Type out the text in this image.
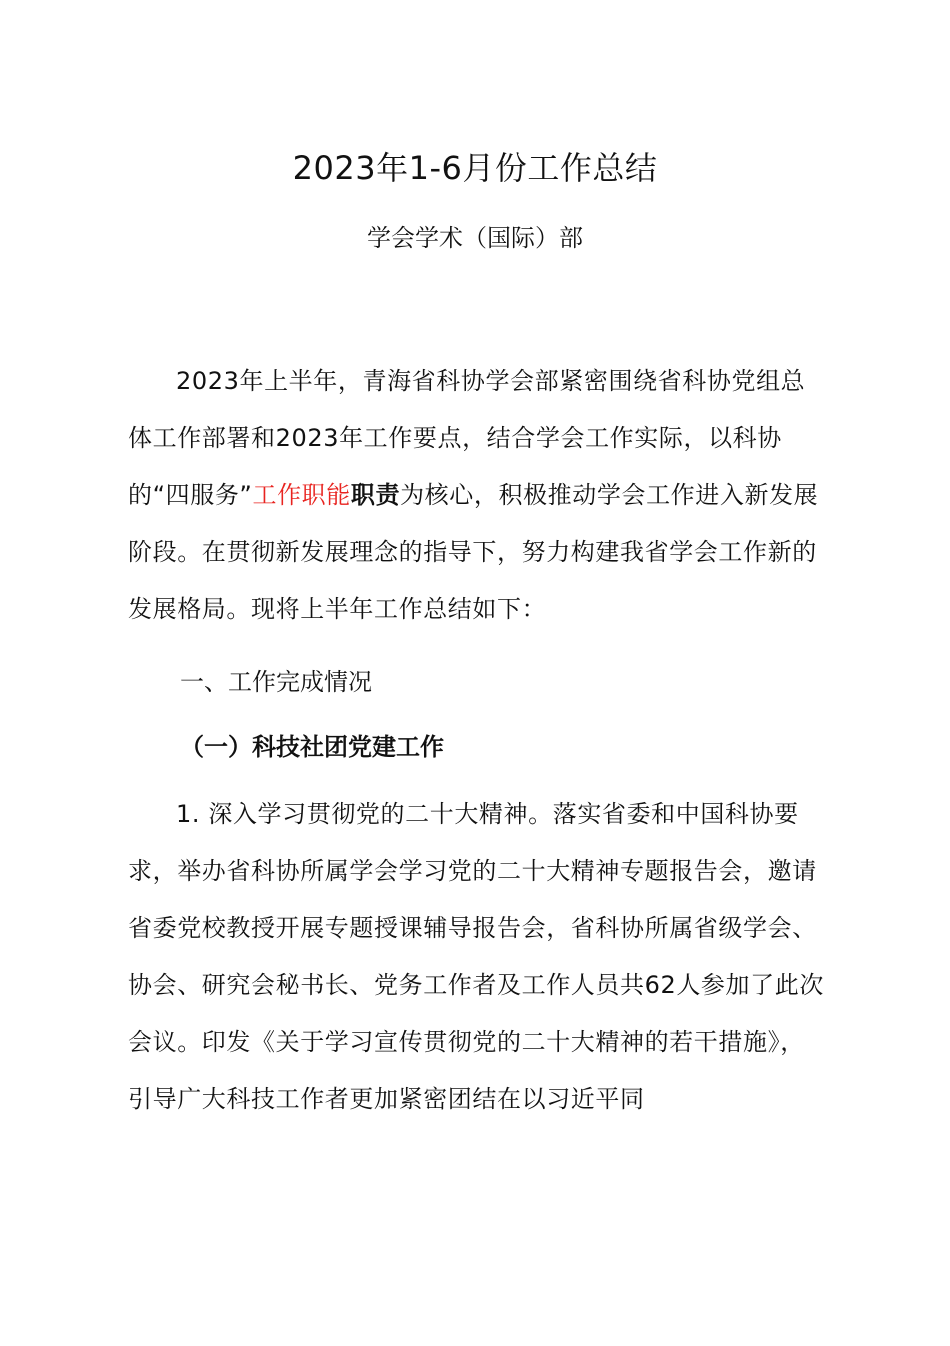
2023年1-6月份工作总结
学会学术（国际）部

2023年上半年，青海省科协学会部紧密围绕省科协党组总体工作部署和2023年工作要点，结合学会工作实际，以科协的“四服务”工作职能职责为核心，积极推动学会工作进入新发展阶段。在贯彻新发展理念的指导下，努力构建我省学会工作新的发展格局。现将上半年工作总结如下：

一、工作完成情况
（一）科技社团党建工作

1. 深入学习贯彻党的二十大精神。落实省委和中国科协要求，举办省科协所属学会学习党的二十大精神专题报告会，邀请省委党校教授开展专题授课辅导报告会，省科协所属省级学会、协会、研究会秘书长、党务工作者及工作人员共62人参加了此次会议。印发《关于学习宣传贯彻党的二十大精神的若干措施》，引导广大科技工作者更加紧密团结在以习近平同
